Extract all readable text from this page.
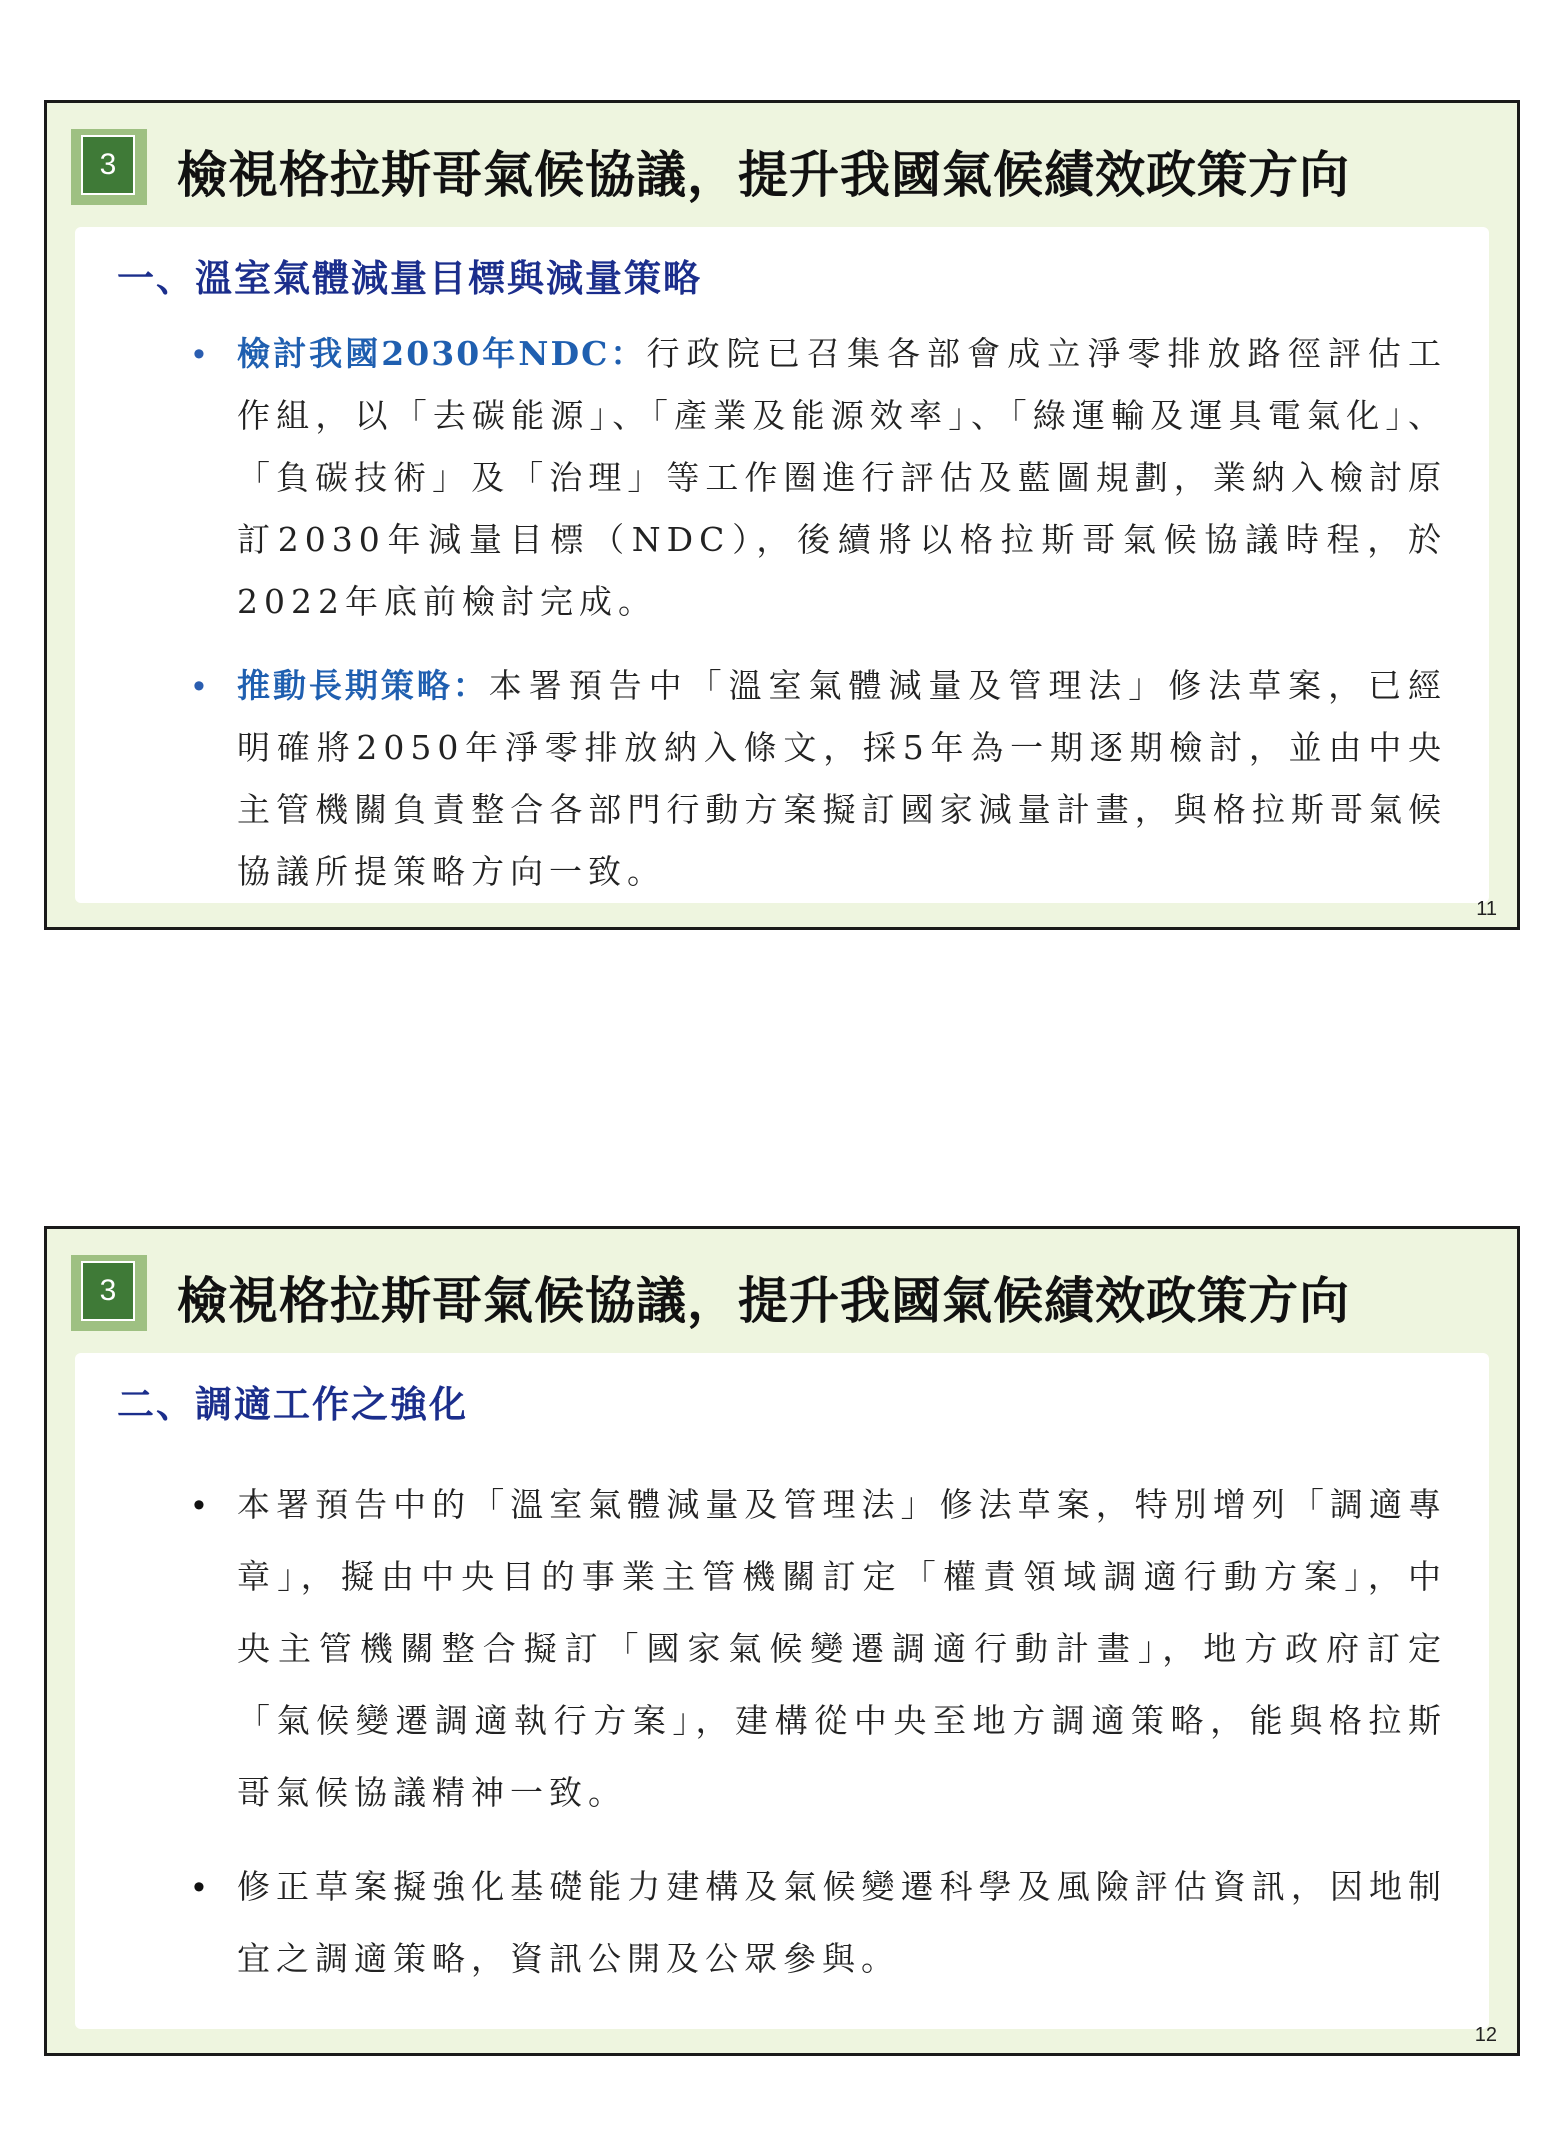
3	檢視格拉斯哥氣候協議，提升我國氣候績效政策方向
一、溫室氣體減量目標與減量策略
• 檢討我國2030年NDC：行政院已召集各部會成立淨零排放路徑評估工作組，以「去碳能源」、「產業及能源效率」、「綠運輸及運具電氣化」、「負碳技術」及「治理」等工作圈進行評估及藍圖規劃，業納入檢討原訂2030年減量目標（NDC），後續將以格拉斯哥氣候協議時程，於2022年底前檢討完成。
• 推動長期策略：本署預告中「溫室氣體減量及管理法」修法草案，已經明確將2050年淨零排放納入條文，採5年為一期逐期檢討，並由中央主管機關負責整合各部門行動方案擬訂國家減量計畫，與格拉斯哥氣候協議所提策略方向一致。
11
3	檢視格拉斯哥氣候協議，提升我國氣候績效政策方向
二、調適工作之強化
• 本署預告中的「溫室氣體減量及管理法」修法草案，特別增列「調適專章」，擬由中央目的事業主管機關訂定「權責領域調適行動方案」，中央主管機關整合擬訂「國家氣候變遷調適行動計畫」，地方政府訂定「氣候變遷調適執行方案」，建構從中央至地方調適策略，能與格拉斯哥氣候協議精神一致。
• 修正草案擬強化基礎能力建構及氣候變遷科學及風險評估資訊，因地制宜之調適策略，資訊公開及公眾參與。
12
